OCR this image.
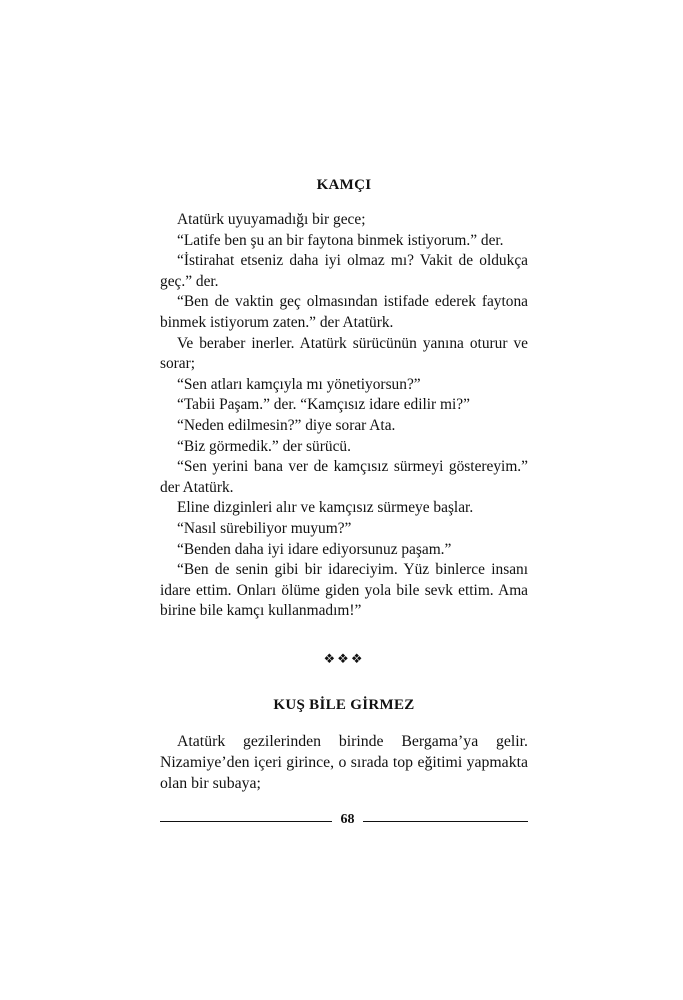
KAMÇI

Atatürk uyuyamadığı bir gece;

“Latife ben şu an bir faytona binmek istiyorum.” der.

“İstirahat etseniz daha iyi olmaz mı? Vakit de oldukça geç.” der.

“Ben de vaktin geç olmasından istifade ederek faytona binmek istiyorum zaten.” der Atatürk.

Ve beraber inerler. Atatürk sürücünün yanına oturur ve sorar;

“Sen atları kamçıyla mı yönetiyorsun?”

“Tabii Paşam.” der. “Kamçısız idare edilir mi?”

“Neden edilmesin?” diye sorar Ata.

“Biz görmedik.” der sürücü.

“Sen yerini bana ver de kamçısız sürmeyi göstereyim.” der Atatürk.

Eline dizginleri alır ve kamçısız sürmeye başlar.

“Nasıl sürebiliyor muyum?”

“Benden daha iyi idare ediyorsunuz paşam.”

“Ben de senin gibi bir idareciyim. Yüz binlerce insanı idare ettim. Onları ölüme giden yola bile sevk ettim. Ama birine bile kamçı kullanmadım!”

❖❖❖
KUŞ BİLE GİRMEZ

Atatürk gezilerinden birinde Bergama’ya gelir. Nizamiye’den içeri girince, o sırada top eğitimi yapmakta olan bir subaya;

68
